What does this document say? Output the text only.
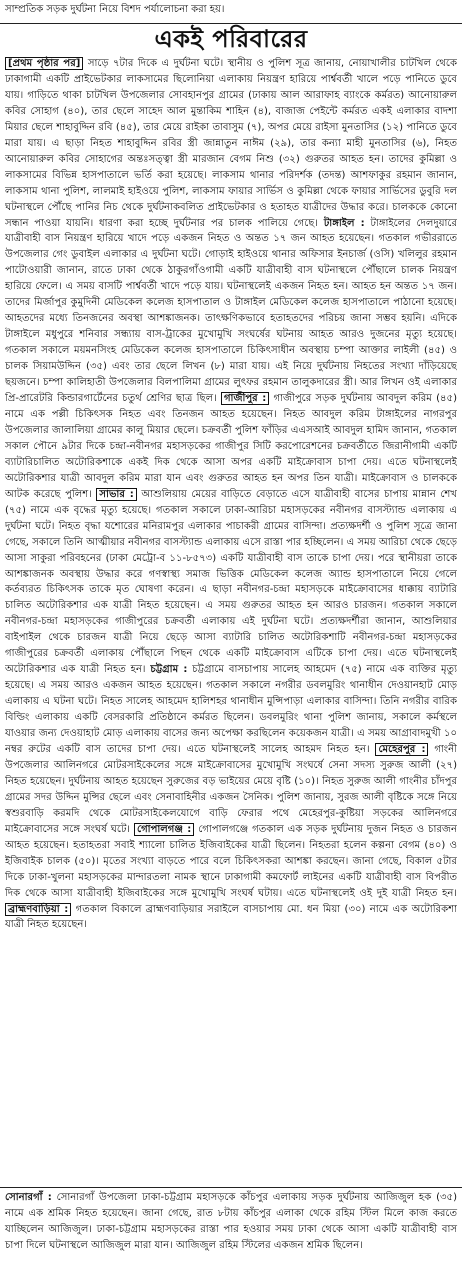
সাম্প্রতিক সড়ক দুর্ঘটনা নিয়ে বিশদ পর্যালোচনা করা হয়।
একই পরিবারের

[প্রথম পৃষ্ঠার পর] সাড়ে ৭টার দিকে এ দুর্ঘটনা ঘটে। স্থানীয় ও পুলিশ সূত্র জানায়, নোয়াখালীর চাটখিল থেকে ঢাকাগামী একটি প্রাইভেটকার লাকসামের ছিলোনিয়া এলাকায় নিয়ন্ত্রণ হারিয়ে পার্শ্ববর্তী খালে পড়ে পানিতে ডুবে যায়। গাড়িতে থাকা চাটখিল উপজেলার সোবহানপুর গ্রামের (ঢাকায় আল আরাফাহ ব্যাংকে কর্মরত) আনোয়ারুল কবির সোহাগ (৪০), তার ছেলে সাহেদ আল মুন্তাকিম শাহিন (৪), বাজাজ পেইন্টে কর্মরত একই এলাকার বাদশা মিয়ার ছেলে শাহাবুদ্দিন রবি (৪৫), তার মেয়ে রাইকা তাবাসুম (৭), অপর মেয়ে রাইসা মুনতাসির (১২) পানিতে ডুবে মারা যায়। এ ছাড়া নিহত শাহাবুদ্দিন রবির স্ত্রী জান্নাতুন নাঈম (২৯), তার কন্যা মাহী মুনতাসির (৬), নিহত আনোয়ারুল কবির সোহাগের অন্তঃসত্ত্বা স্ত্রী মারজান বেগম নিশু (৩২) গুরুতর আহত হন। তাদের কুমিল্লা ও লাকসামের বিভিন্ন হাসপাতালে ভর্তি করা হয়েছে। লাকসাম থানার পরিদর্শক (তদন্ত) আশফাকুর রহমান জানান, লাকসাম থানা পুলিশ, লালমাই হাইওয়ে পুলিশ, লাকসাম ফায়ার সার্ভিস ও কুমিল্লা থেকে ফায়ার সার্ভিসের ডুবুরি দল ঘটনাস্থলে পৌঁছে পানির নিচ থেকে দুর্ঘটনাকবলিত প্রাইভেটকার ও হতাহত যাত্রীদের উদ্ধার করে। চালককে কোনো সন্ধান পাওয়া যায়নি। ধারণা করা হচ্ছে দুর্ঘটনার পর চালক পালিয়ে গেছে। টাঙ্গাইল : টাঙ্গাইলের দেলদুয়ারে যাত্রীবাহী বাস নিয়ন্ত্রণ হারিয়ে খাদে পড়ে একজন নিহত ও অন্তত ১৭ জন আহত হয়েছেন। গতকাল গভীররাতে উপজেলার গেং ডুবাইল এলাকার এ দুর্ঘটনা ঘটে। গোড়াই হাইওয়ে থানার অফিসার ইনচার্জ (ওসি) খলিলুর রহমান পাটোওয়ারী জানান, রাতে ঢাকা থেকে ঠাকুরগাঁওগামী একটি যাত্রীবাহী বাস ঘটনাস্থলে পৌঁছালে চালক নিয়ন্ত্রণ হারিয়ে ফেলে। এ সময় বাসটি পার্শ্ববর্তী খাদে পড়ে যায়। ঘটনাস্থলেই একজন নিহত হন। আহত হন অন্তত ১৭ জন। তাদের মির্জাপুর কুমুদিনী মেডিকেল কলেজ হাসপাতাল ও টাঙ্গাইল মেডিকেল কলেজ হাসপাতালে পাঠানো হয়েছে। আহতদের মধ্যে তিনজনের অবস্থা আশঙ্কাজনক। তাৎক্ষণিকভাবে হতাহতদের পরিচয় জানা সম্ভব হয়নি। এদিকে টাঙ্গাইলে মধুপুরে শনিবার সন্ধ্যায় বাস-ট্রাকের মুখোমুখি সংঘর্ষের ঘটনায় আহত আরও দুজনের মৃত্যু হয়েছে। গতকাল সকালে ময়মনসিংহ মেডিকেল কলেজ হাসপাতালে চিকিৎসাধীন অবস্থায় চম্পা আক্তার লাইলী (৪৫) ও চালক সিয়ামউদ্দিন (৩৫) এবং তার ছেলে লিখন (৮) মারা যায়। এই নিয়ে দুর্ঘটনায় নিহতের সংখ্যা দাঁড়িয়েছে ছয়জনে। চম্পা কালিহাতী উপজেলার বিলপালিমা গ্রামের লুৎফর রহমান তালুকদারের স্ত্রী। আর লিখন ওই এলাকার প্রি-প্রারেটরি কিন্ডারগার্টেনের চতুর্থ শ্রেণির ছাত্র ছিল। গাজীপুর : গাজীপুরে সড়ক দুর্ঘটনায় আবদুল করিম (৪৫) নামে এক পল্লী চিকিৎসক নিহত এবং তিনজন আহত হয়েছেন। নিহত আবদুল করিম টাঙ্গাইলের নাগরপুর উপজেলার জালালিয়া গ্রামের কালু মিয়ার ছেলে। চক্রবর্তী পুলিশ ফাঁড়ির এএসআই আবদুল হামিদ জানান, গতকাল সকাল পৌনে ৯টার দিকে চন্দ্রা-নবীনগর মহাসড়কের গাজীপুর সিটি করপোরেশনের চক্রবর্তীতে জিরানীগামী একটি ব্যাটারিচালিত অটোরিকশাকে একই দিক থেকে আসা অপর একটি মাইক্রোবাস চাপা দেয়। এতে ঘটনাস্থলেই অটোরিকশার যাত্রী আবদুল করিম মারা যান এবং গুরুতর আহত হন অপর তিন যাত্রী। মাইক্রোবাস ও চালককে আটক করেছে পুলিশ। সাভার : আশুলিয়ায় মেয়ের বাড়িতে বেড়াতে এসে যাত্রীবাহী বাসের চাপায় মান্নান শেখ (৭৫) নামে এক বৃদ্ধের মৃত্যু হয়েছে। গতকাল সকালে ঢাকা-আরিচা মহাসড়কের নবীনগর বাসস্ট্যান্ড এলাকায় এ দুর্ঘটনা ঘটে। নিহত বৃদ্ধা যশোরের মনিরামপুর এলাকার পাচাকরী গ্রামের বাসিন্দা। প্রত্যক্ষদর্শী ও পুলিশ সূত্রে জানা গেছে, সকালে তিনি আত্মীয়ার নবীনগর বাসস্ট্যান্ড এলাকায় এসে রাস্তা পার হচ্ছিলেন। এ সময় আরিচা থেকে ছেড়ে আসা সাকুরা পরিবহনের (ঢাকা মেট্রো-ব ১১-৮৫৭৩) একটি যাত্রীবাহী বাস তাকে চাপা দেয়। পরে স্থানীয়রা তাকে আশঙ্কাজনক অবস্থায় উদ্ধার করে গণস্বাস্থ্য সমাজ ভিত্তিক মেডিকেল কলেজ অ্যান্ড হাসপাতালে নিয়ে গেলে কর্তব্যরত চিকিৎসক তাকে মৃত ঘোষণা করেন। এ ছাড়া নবীনগর-চন্দ্রা মহাসড়কে মাইক্রোবাসের ধাক্কায় ব্যাটারি চালিত অটোরিকশার এক যাত্রী নিহত হয়েছেন। এ সময় গুরুতর আহত হন আরও চারজন। গতকাল সকালে নবীনগর-চন্দ্রা মহাসড়কের গাজীপুরের চক্রবর্তী এলাকায় এই দুর্ঘটনা ঘটে। প্রত্যক্ষদর্শীরা জানান, আশুলিয়ার বাইপাইল থেকে চারজন যাত্রী নিয়ে ছেড়ে আসা ব্যাটারি চালিত অটোরিকশাটি নবীনগর-চন্দ্রা মহাসড়কের গাজীপুরের চক্রবর্তী এলাকায় পৌঁছালে পিছন থেকে একটি মাইক্রোবাস এটিকে চাপা দেয়। এতে ঘটনাস্থলেই অটোরিকশার এক যাত্রী নিহত হন। চট্টগ্রাম : চট্টগ্রামে বাসচাপায় সালেহ আহমেদ (৭৫) নামে এক ব্যক্তির মৃত্যু হয়েছে। এ সময় আরও একজন আহত হয়েছেন। গতকাল সকালে নগরীর ডবলমুরিং থানাধীন দেওয়ানহাট মোড় এলাকায় এ ঘটনা ঘটে। নিহত সালেহ আহমেদ হালিশহর থানাধীন মুন্সিপাড়া এলাকার বাসিন্দা। তিনি নগরীর বারিক বিল্ডিং এলাকায় একটি বেসরকারি প্রতিষ্ঠানে কর্মরত ছিলেন। ডবলমুরিং থানা পুলিশ জানায়, সকালে কর্মস্থলে যাওয়ার জন্য দেওয়াহাট মোড় এলাকায় বাসের জন্য অপেক্ষা করছিলেন কয়েকজন যাত্রী। এ সময় আগ্রাবাদমুখী ১০ নম্বর রুটের একটি বাস তাদের চাপা দেয়। এতে ঘটনাস্থলেই সালেহ আহমদ নিহত হন। মেহেরপুর : গাংনী উপজেলার আলিনগরে মোটরসাইকেলের সঙ্গে মাইক্রোবাসের মুখোমুখি সংঘর্ষে সেনা সদস্য সুরুজ আলী (২৭) নিহত হয়েছেন। দুর্ঘটনায় আহত হয়েছেন সুরুজের বড় ভাইয়ের মেয়ে বৃষ্টি (১০)। নিহত সুরুজ আলী গাংনীর চাঁদপুর গ্রামের সদর উদ্দিন মুন্সির ছেলে এবং সেনাবাহিনীর একজন সৈনিক। পুলিশ জানায়, সুরজ আলী বৃষ্টিকে সঙ্গে নিয়ে স্বশুরবাড়ি করমদি থেকে মোটরসাইকেলযোগে বাড়ি ফেরার পথে মেহেরপুর-কুষ্টিয়া সড়কের আলিনগরে মাইক্রোবাসের সঙ্গে সংঘর্ষ ঘটে। গোপালগঞ্জ : গোপালগঞ্জে গতকাল এক সড়ক দুর্ঘটনায় দুজন নিহত ও চারজন আহত হয়েছেন। হতাহতরা সবাই শ্যালো চালিত ইজিবাইকের যাত্রী ছিলেন। নিহতরা হলেন কল্পনা বেগম (৪০) ও ইজিবাইক চালক (৫০)। মৃতের সংখ্যা বাড়তে পারে বলে চিকিৎসকরা আশঙ্কা করছেন। জানা গেছে, বিকাল ৫টার দিকে ঢাকা-খুলনা মহাসড়কের মান্দারতলা নামক স্থানে ঢাকাগামী কমফোর্ট লাইনের একটি যাত্রীবাহী বাস বিপরীত দিক থেকে আসা যাত্রীবাহী ইজিবাইকের সঙ্গে মুখোমুখি সংঘর্ষ ঘটায়। এতে ঘটনাস্থলেই ওই দুই যাত্রী নিহত হন। ব্রাহ্মণবাড়িয়া : গতকাল বিকালে ব্রাহ্মণবাড়িয়ার সরাইলে বাসচাপায় মো. ধন মিয়া (৩০) নামে এক অটোরিকশা যাত্রী নিহত হয়েছেন।

সোনারগাঁ : সোনারগাঁ উপজেলা ঢাকা-চট্টগ্রাম মহাসড়কে কাঁচপুর এলাকায় সড়ক দুর্ঘটনায় আজিজুল হক (৩৫) নামে এক শ্রমিক নিহত হয়েছেন। জানা গেছে, রাত ৮টায় কাঁচপুর এলাকা থেকে রহিম স্টিল মিলে কাজ করতে যাচ্ছিলেন আজিজুল। ঢাকা-চট্টগ্রাম মহাসড়কের রাস্তা পার হওয়ার সময় ঢাকা থেকে আসা একটি যাত্রীবাহী বাস চাপা দিলে ঘটনাস্থলে আজিজুল মারা যান। আজিজুল রহিম স্টিলের একজন শ্রমিক ছিলেন।
